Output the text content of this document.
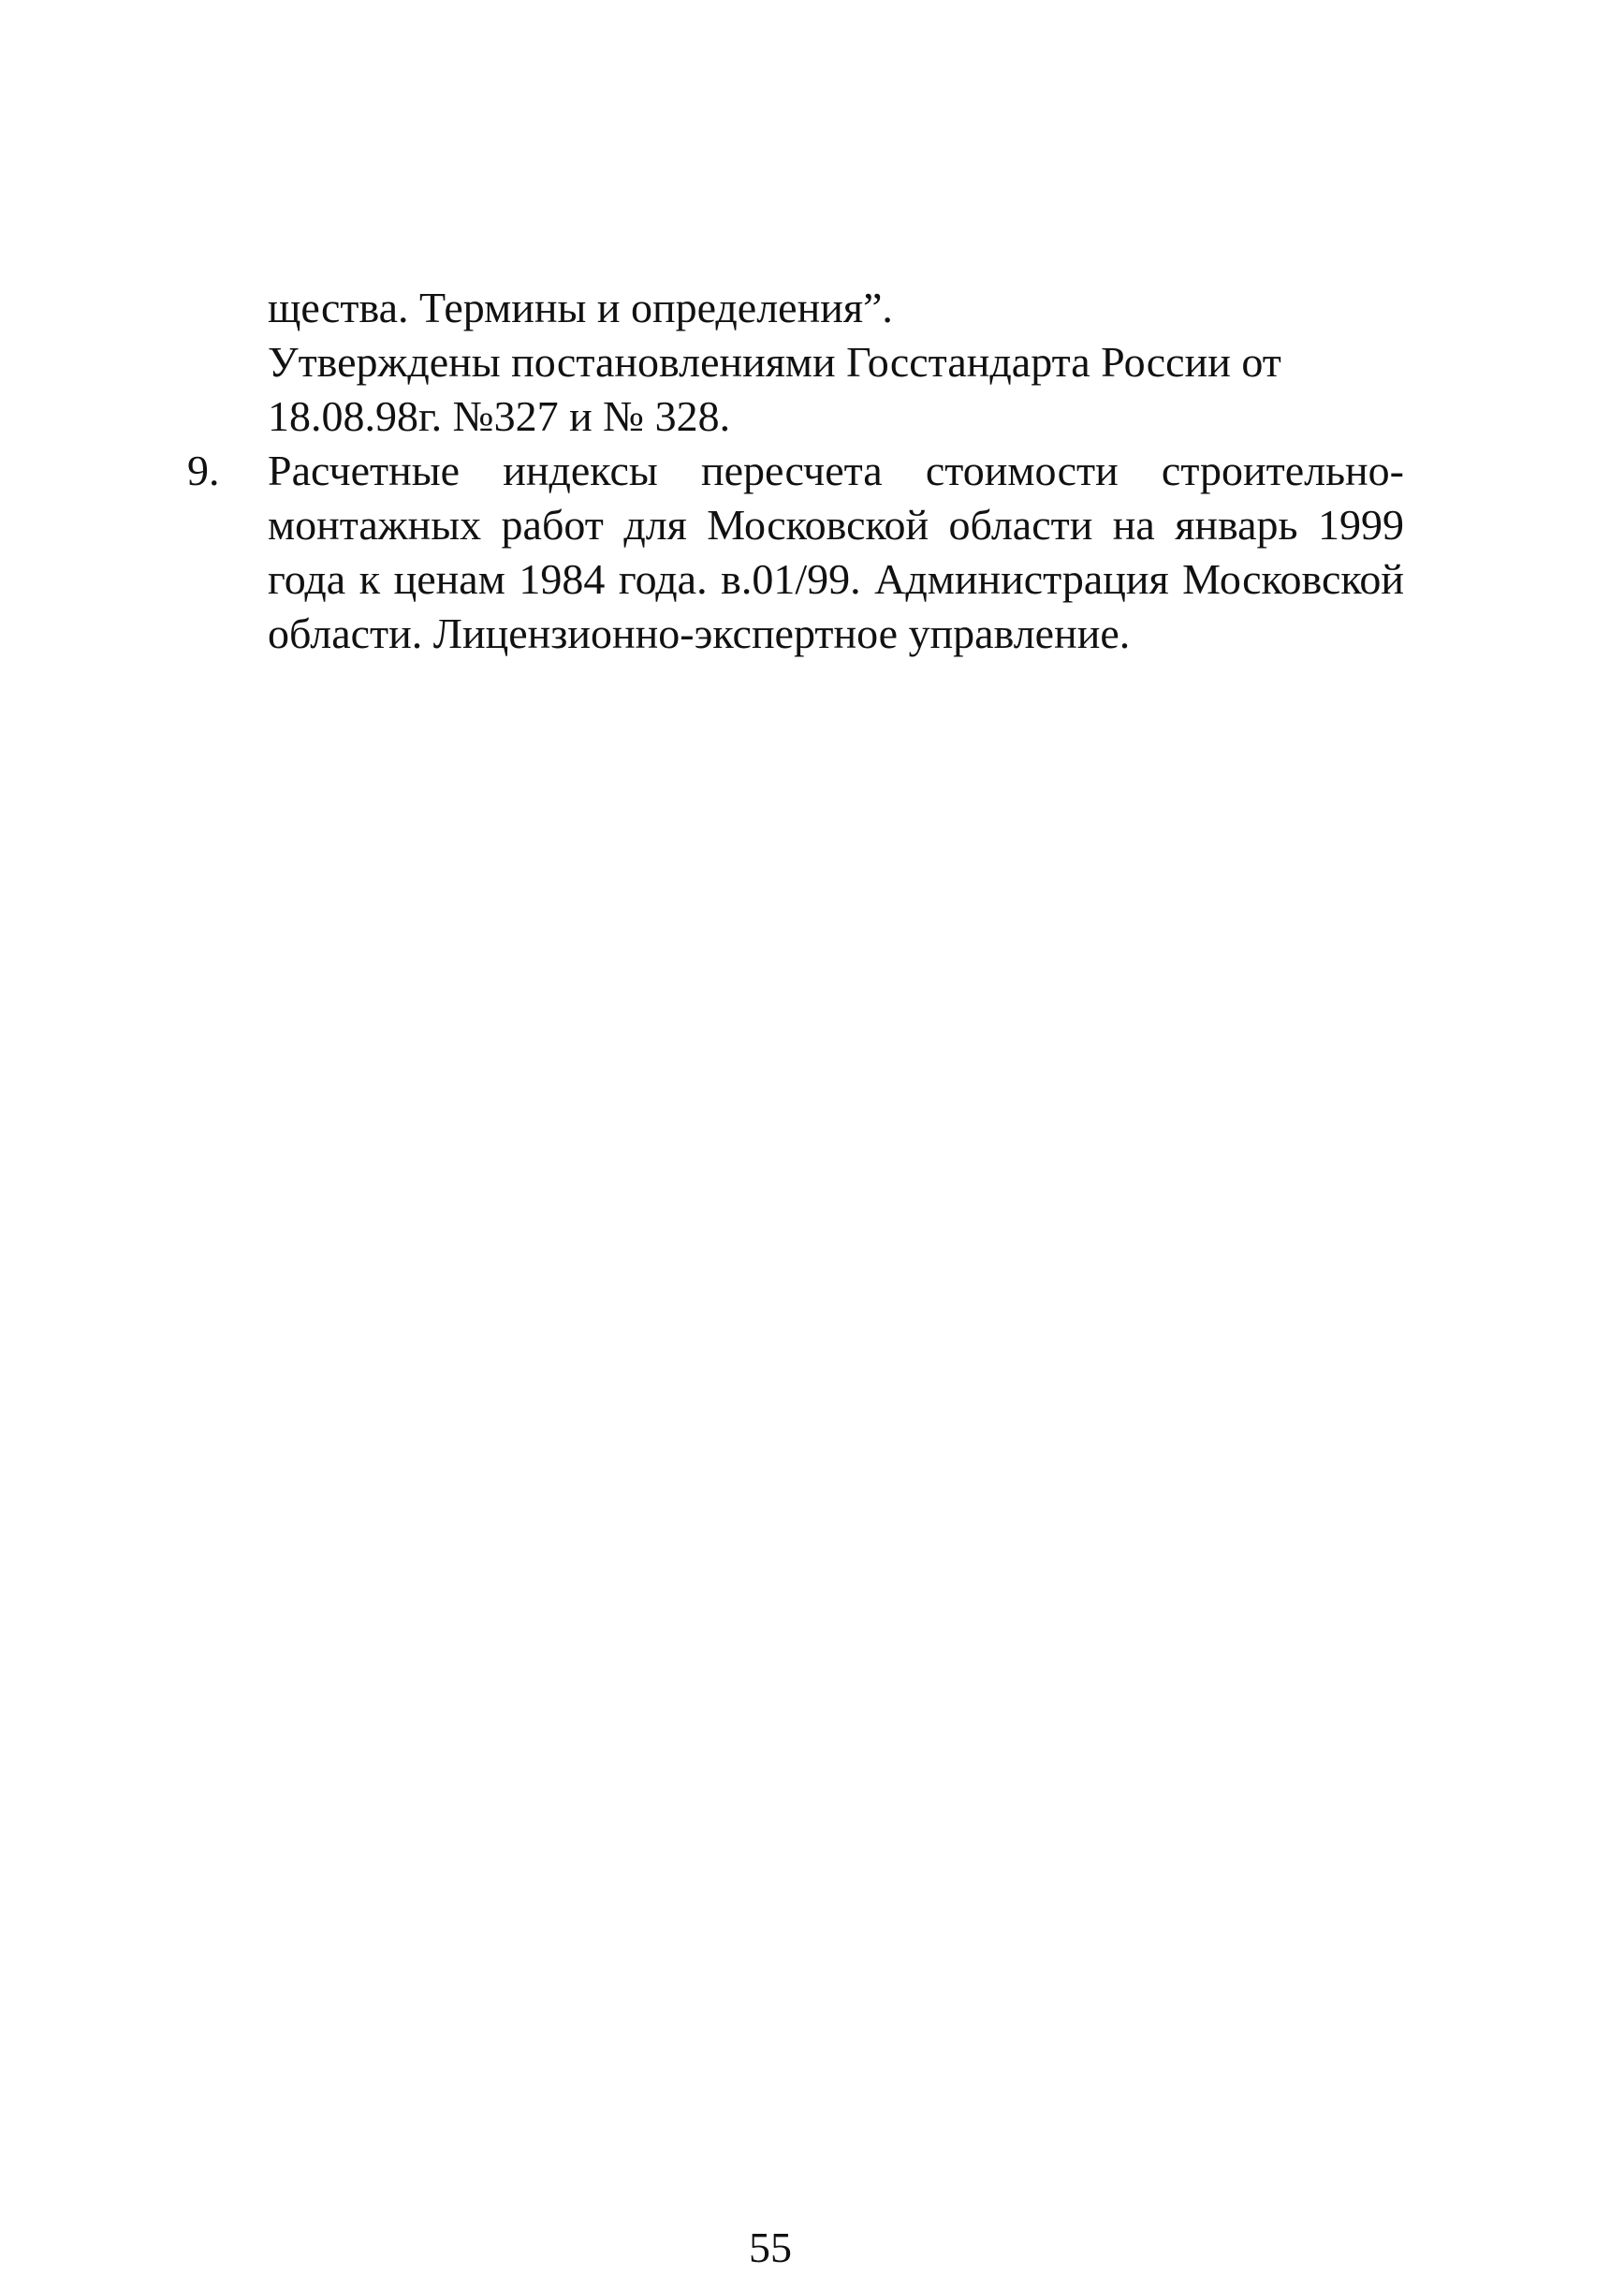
щества. Термины и определения”.
Утверждены постановлениями Госстандарта России от
18.08.98г. №327 и № 328.
9.	Расчетные индексы пересчета стоимости строительно-монтажных работ для Московской области на январь 1999 года к ценам 1984 года. в.01/99. Администрация Московской области. Лицензионно-экспертное управление.
55
